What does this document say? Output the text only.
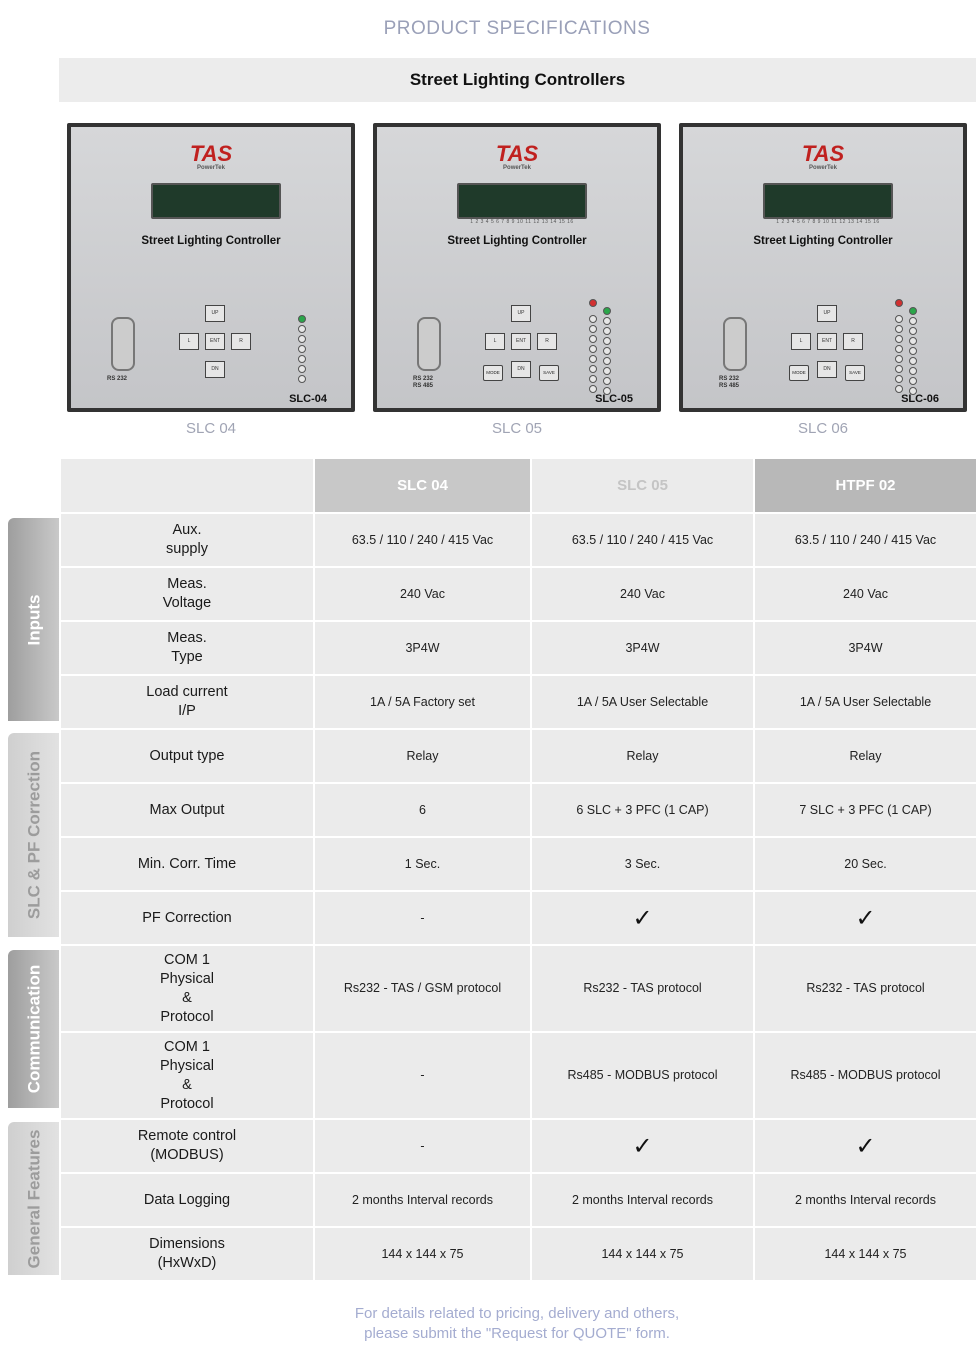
PRODUCT SPECIFICATIONS
Street Lighting Controllers
TAS
PowerTek
Street Lighting Controller
RS 232
UP
L	ENT	R
DN
SLC-04
SLC 04
TAS
PowerTek
1 2 3 4 5 6 7 8 9 10 11 12 13 14 15 16
Street Lighting Controller
RS 232 RS 485
UP
L	ENT	R
DN
MODE	SAVE
SLC-05
SLC 05
TAS
PowerTek
1 2 3 4 5 6 7 8 9 10 11 12 13 14 15 16
Street Lighting Controller
RS 232 RS 485
UP
L	ENT	R
DN
MODE	SAVE
SLC-06
SLC 06
Inputs
SLC & PF Correction
Communication
General Features
	SLC 04	SLC 05	HTPF 02
Aux.
supply	63.5 / 110 / 240 / 415 Vac	63.5 / 110 / 240 / 415 Vac	63.5 / 110 / 240 / 415 Vac
Meas.
Voltage	240 Vac	240 Vac	240 Vac
Meas.
Type	3P4W	3P4W	3P4W
Load current
I/P	1A / 5A Factory set	1A / 5A User Selectable	1A / 5A User Selectable
Output type	Relay	Relay	Relay
Max Output	6	6 SLC + 3 PFC (1 CAP)	7 SLC + 3 PFC (1 CAP)
Min. Corr. Time	1 Sec.	3 Sec.	20 Sec.
PF Correction	-	✓	✓
COM 1
Physical
&
Protocol	Rs232 - TAS / GSM protocol	Rs232 - TAS protocol	Rs232 - TAS protocol
COM 1
Physical
&
Protocol	-	Rs485 - MODBUS protocol	Rs485 - MODBUS protocol
Remote control
(MODBUS)	-	✓	✓
Data Logging	2 months Interval records	2 months Interval records	2 months Interval records
Dimensions
(HxWxD)	144 x 144 x 75	144 x 144 x 75	144 x 144 x 75
For details related to pricing, delivery and others,
please submit the "Request for QUOTE" form.
